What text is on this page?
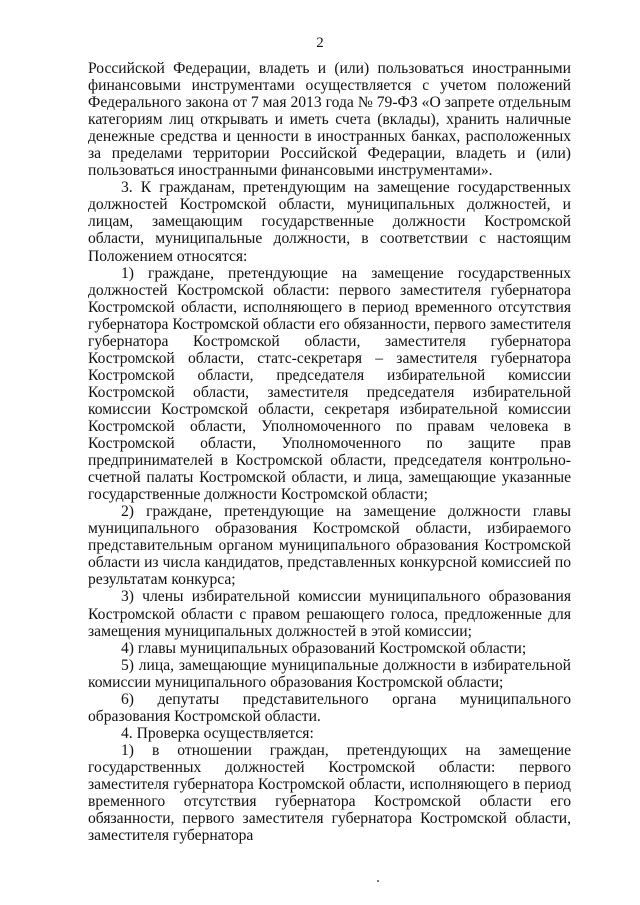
2

Российской Федерации, владеть и (или) пользоваться иностранными финансовыми инструментами осуществляется с учетом положений Федерального закона от 7 мая 2013 года № 79-ФЗ «О запрете отдельным категориям лиц открывать и иметь счета (вклады), хранить наличные денежные средства и ценности в иностранных банках, расположенных за пределами территории Российской Федерации, владеть и (или) пользоваться иностранными финансовыми инструментами».

3. К гражданам, претендующим на замещение государственных должностей Костромской области, муниципальных должностей, и лицам, замещающим государственные должности Костромской области, муниципальные должности, в соответствии с настоящим Положением относятся:

1) граждане, претендующие на замещение государственных должностей Костромской области: первого заместителя губернатора Костромской области, исполняющего в период временного отсутствия губернатора Костромской области его обязанности, первого заместителя губернатора Костромской области, заместителя губернатора Костромской области, статс-секретаря – заместителя губернатора Костромской области, председателя избирательной комиссии Костромской области, заместителя председателя избирательной комиссии Костромской области, секретаря избирательной комиссии Костромской области, Уполномоченного по правам человека в Костромской области, Уполномоченного по защите прав предпринимателей в Костромской области, председателя контрольно-счетной палаты Костромской области, и лица, замещающие указанные государственные должности Костромской области;

2) граждане, претендующие на замещение должности главы муниципального образования Костромской области, избираемого представительным органом муниципального образования Костромской области из числа кандидатов, представленных конкурсной комиссией по результатам конкурса;

3) члены избирательной комиссии муниципального образования Костромской области с правом решающего голоса, предложенные для замещения муниципальных должностей в этой комиссии;

4) главы муниципальных образований Костромской области;

5) лица, замещающие муниципальные должности в избирательной комиссии муниципального образования Костромской области;

6) депутаты представительного органа муниципального образования Костромской области.

4. Проверка осуществляется:

1) в отношении граждан, претендующих на замещение государственных должностей Костромской области: первого заместителя губернатора Костромской области, исполняющего в период временного отсутствия губернатора Костромской области его обязанности, первого заместителя губернатора Костромской области, заместителя губернатора
